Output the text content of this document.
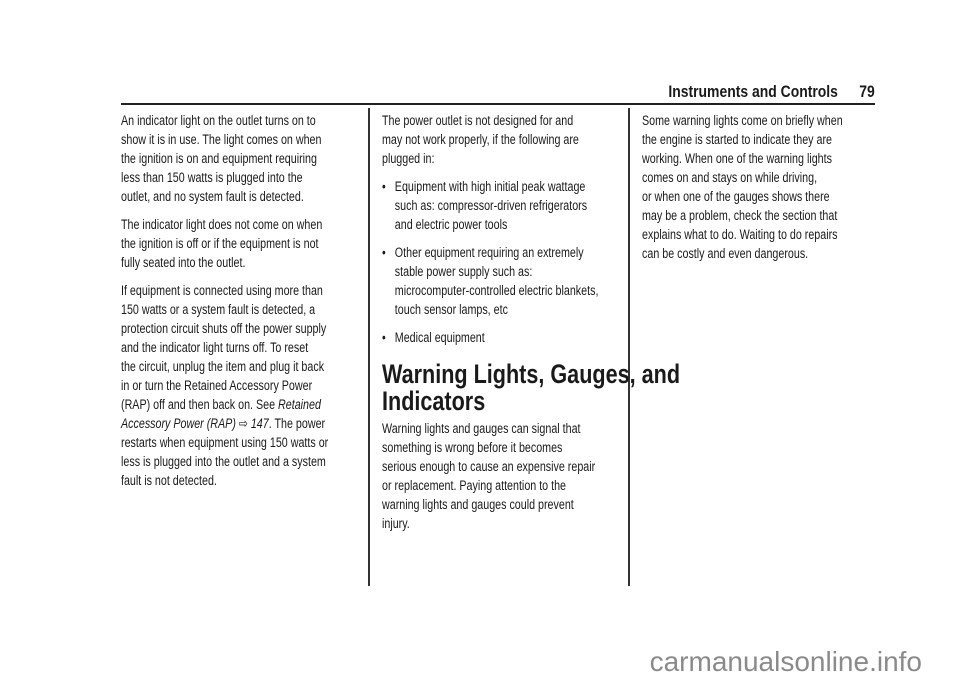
Instruments and Controls 79

An indicator light on the outlet turns on to
show it is in use. The light comes on when
the ignition is on and equipment requiring
less than 150 watts is plugged into the
outlet, and no system fault is detected.

The indicator light does not come on when
the ignition is off or if the equipment is not
fully seated into the outlet.

If equipment is connected using more than
150 watts or a system fault is detected, a
protection circuit shuts off the power supply
and the indicator light turns off. To reset
the circuit, unplug the item and plug it back
in or turn the Retained Accessory Power
(RAP) off and then back on. See Retained
Accessory Power (RAP) ⇨ 147. The power
restarts when equipment using 150 watts or
less is plugged into the outlet and a system
fault is not detected.

The power outlet is not designed for and
may not work properly, if the following are
plugged in:

• Equipment with high initial peak wattage
such as: compressor-driven refrigerators
and electric power tools
• Other equipment requiring an extremely
stable power supply such as:
microcomputer-controlled electric blankets,
touch sensor lamps, etc
• Medical equipment
Warning Lights, Gauges, and
Indicators

Warning lights and gauges can signal that
something is wrong before it becomes
serious enough to cause an expensive repair
or replacement. Paying attention to the
warning lights and gauges could prevent
injury.

Some warning lights come on briefly when
the engine is started to indicate they are
working. When one of the warning lights
comes on and stays on while driving,
or when one of the gauges shows there
may be a problem, check the section that
explains what to do. Waiting to do repairs
can be costly and even dangerous.

carmanualsonline.info
